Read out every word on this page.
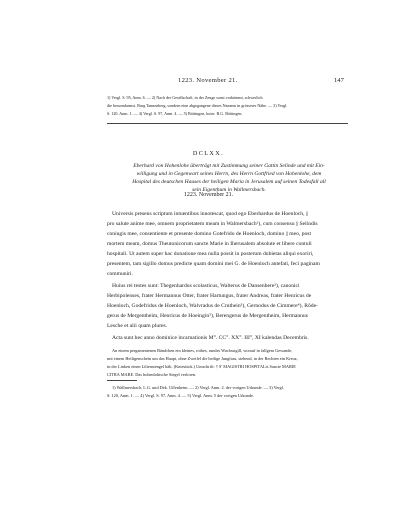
1223. November 21.	147
1) Vergl. S. 95, Anm. 6. — 2) Nach der Gesellschaft, in der Zeuge sonst vorkömmt, schwerlich
die hessendarmst. Burg Tannenberg, sondern eine abgegangene dieses Namens in grösserer Nähe. — 3) Vergl.
S. 120. Anm. 1. — 4) Vergl. S. 97, Anm. 4. — 5) Böttingen, hoier. B.G. Böttingen.
DCLXX.
Eberhard von Hohenlohe überträgt mit Zustimmung seiner Gattin Selinde und mit Ein-
willigung und in Gegenwart seines Herrn, des Herrn Gottfried von Hohenlohe, dem
Hospital des deutschen Hauses der heiligen Maria in Jerusalem auf seinen Todesfall all
sein Eigenthum in Wallmersbach.
1223. November 21.
Universis presens scriptum intuentibus innotescat, quod ego Eberhardus de Hoenloch, ||
pro salute anime mee, omnem proprietatem meam in Walmersbach¹), cum consensu || Selindis
coniugis mee, consentiente et presente domino Gotefrido de Hoenloch, domino || meo, post
mortem meam, domus Theutonicorum sancte Marie in Iherusalem absolute et libere contuli
hospitali. Ut autem super hac donatione mea nulla possit in posterum dubietas aliqui exoriri,
presentem, tam sigillo domus predicte quam domini mei G. de Hoenloch antefati, feci paginam
communiri.
Huius rei testes sunt: Thegenhardus scolasticus, Walterus de Dansenbere²), canonici
Herbipolenses, frater Hermannus Otter, frater Hartungus, frater Andreas, frater Henricus de
Hoenloch, Godefridus de Hoenloch, Walvradus de Cruthein³), Gernodus de Cimmere⁴), Rôde-
gerus de Mergentheim, Henricus de Hoeingin⁵), Berengerus de Mergentheim, Hermannus
Lesche et alii quam plures.
Acta sunt hec anno dominice incarnationis M°. CC°. XX°. III°, XI kalendas Decembris.
An einem pergamentenen Bändchen ein kleines, rothes, rundes Wachssigill, worauf in fallgem Gewande,
mit einem Heiligenschein um das Haupt, ohne Zweifel die heilige Jungfrau, stehend, in der Rechten ein Kreuz,
in der Linken einen Lilienstengel hält. (Kniestück.) Umschrift: † S' MAGISTRI HOSPITALis Sancte MARIE
CITRA MARE. Das hohenlohische Siegel verloren.
1) Wallmersbach, L.G. und Dek. Uffenheim. — 2) Vergl. Anm. 2. der vorigen Urkunde. — 3) Vergl.
S. 120, Anm. 1. — 4) Vergl. S. 97, Anm. 4. — 5) Vergl. Anm. 5 der vorigen Urkunde.
